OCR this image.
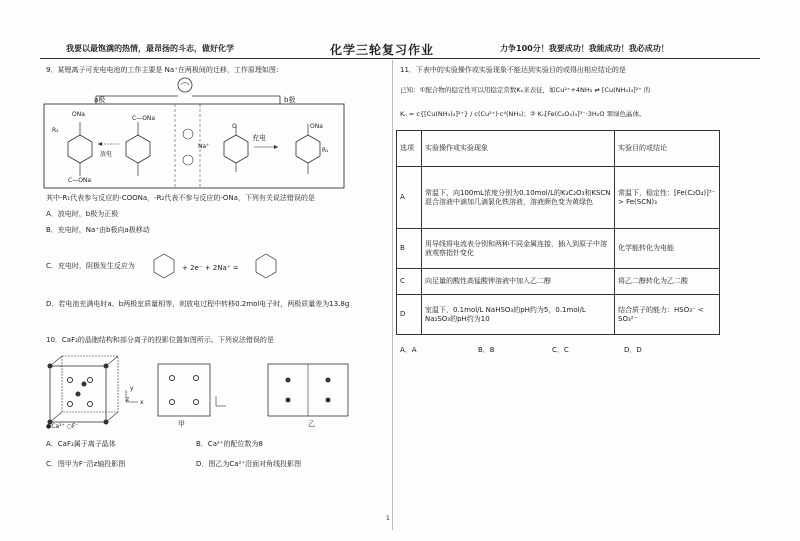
我要以最饱满的热情，最昂扬的斗志，做好化学	化学三轮复习作业	力争100分！我要成功！我能成功！我必成功！
9．某锂离子可充电电池的工作主要是 Na⁺在两极间的迁移，工作原理如图：
a极	b极
ONa
C—ONa
R₂
放电
充电
Na⁺
C—ONa
O	ONa
R₁
其中-R₁代表参与反应的-COONa，-R₂代表不参与反应的-ONa，下列有关说法错误的是
A．放电时，b极为正极
B．充电时，Na⁺由b极向a极移动
C．充电时，阴极发生反应为	+ 2e⁻ + 2Na⁺ =
D．若电池充满电时a、b两极室质量相等，则放电过程中转移0.2mol电子时，两极质量差为13.8g
10．CaF₂的晶胞结构和部分离子的投影位置如图所示。下列说法错误的是
z x
y
●Ca²⁺ ○F⁻	甲	乙
A．CaF₂属于离子晶体	B．Ca²⁺的配位数为8
C．图甲为F⁻沿z轴投影图	D．图乙为Ca²⁺沿面对角线投影图
11．下表中的实验操作或实验现象不能达到实验目的或得出相应结论的是
已知：①配合物的稳定性可以用稳定常数Kₙ来表征，如Cu²⁺+4NH₃ ⇌ [Cu(NH₃)₄]²⁺ 的
Kₙ = c{[Cu(NH₃)₄]²⁺} / c(Cu²⁺)·c⁴(NH₃)；② Kₙ[Fe(C₂O₄)₃]³⁻·3H₂O 翠绿色晶体。
选项	实验操作或实验现象	实验目的或结论
A	常温下，向100mL浓度分别为0.10mol/L的K₃C₂O₃和KSCN混合溶液中滴加几滴氯化铁溶液，溶液颜色变为黄绿色	常温下，稳定性：[Fe(C₂O₄)]³⁻ > Fe(SCN)₃
B	用导线将电流表分别和两种不同金属连接，插入到原子中溶液观察指针变化	化学能转化为电能
C	向足量的酸性高锰酸钾溶液中加入乙二醇	将乙二醇转化为乙二酸
D	室温下，0.1mol/L NaHSO₃的pH约为5，0.1mol/L Na₂SO₃的pH约为10	结合质子的能力：HSO₃⁻ < SO₃²⁻
A．A	B．B	C．C	D．D
1
